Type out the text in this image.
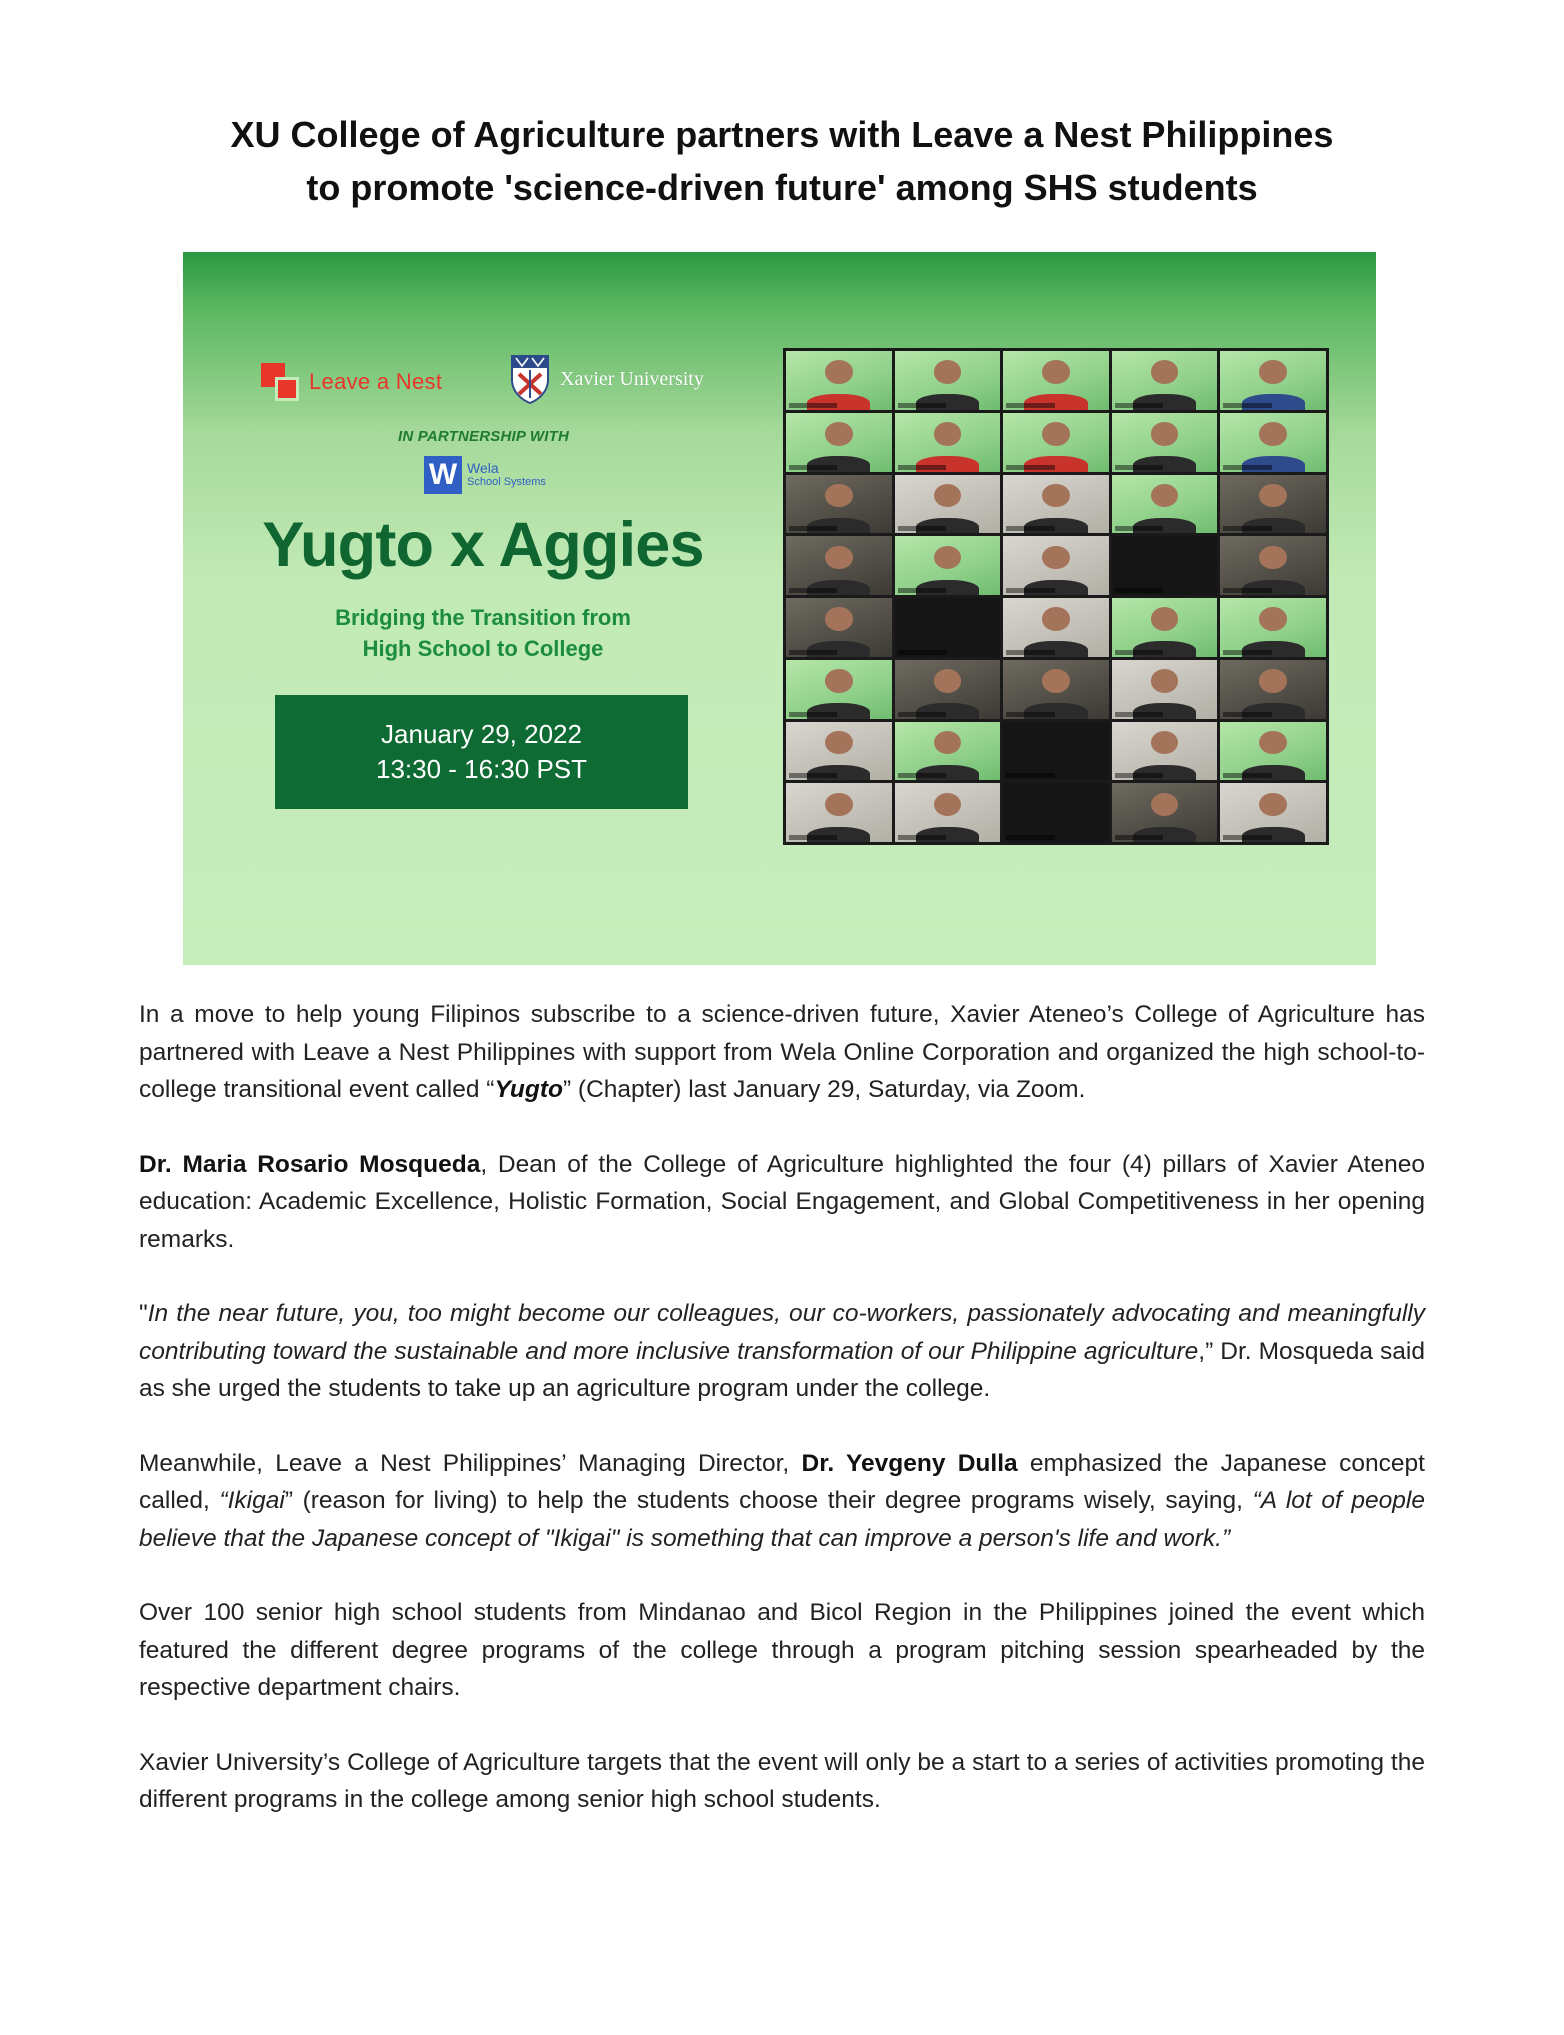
XU College of Agriculture partners with Leave a Nest Philippines
to promote 'science-driven future' among SHS students
Leave a Nest	Xavier University
IN PARTNERSHIP WITH
W Wela
School Systems
Yugto x Aggies
Bridging the Transition from
High School to College
January 29, 2022
13:30 - 16:30 PST

In a move to help young Filipinos subscribe to a science-driven future, Xavier Ateneo’s College of Agriculture has partnered with Leave a Nest Philippines with support from Wela Online Corporation and organized the high school-to-college transitional event called “Yugto” (Chapter) last January 29, Saturday, via Zoom.

Dr. Maria Rosario Mosqueda, Dean of the College of Agriculture highlighted the four (4) pillars of Xavier Ateneo education: Academic Excellence, Holistic Formation, Social Engagement, and Global Competitiveness in her opening remarks.

"In the near future, you, too might become our colleagues, our co-workers, passionately advocating and meaningfully contributing toward the sustainable and more inclusive transformation of our Philippine agriculture,” Dr. Mosqueda said as she urged the students to take up an agriculture program under the college.

Meanwhile, Leave a Nest Philippines’ Managing Director, Dr. Yevgeny Dulla emphasized the Japanese concept called, “Ikigai” (reason for living) to help the students choose their degree programs wisely, saying, “A lot of people believe that the Japanese concept of "Ikigai" is something that can improve a person's life and work.”

Over 100 senior high school students from Mindanao and Bicol Region in the Philippines joined the event which featured the different degree programs of the college through a program pitching session spearheaded by the respective department chairs.

Xavier University’s College of Agriculture targets that the event will only be a start to a series of activities promoting the different programs in the college among senior high school students.
